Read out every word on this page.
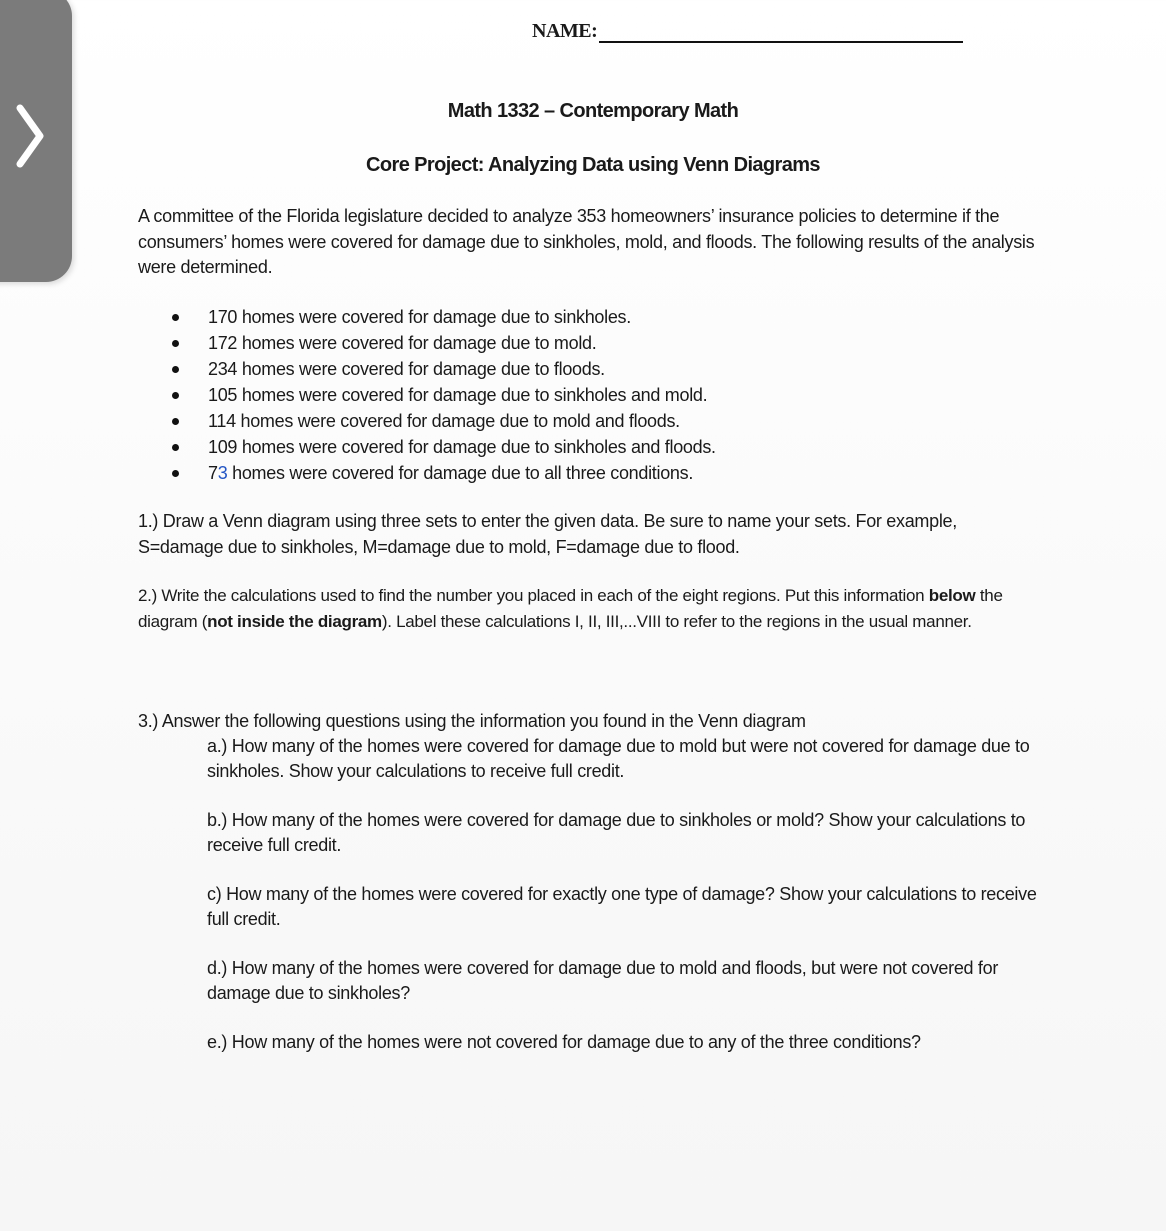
NAME:
Math 1332 – Contemporary Math
Core Project: Analyzing Data using Venn Diagrams
A committee of the Florida legislature decided to analyze 353 homeowners’ insurance policies to determine if the consumers’ homes were covered for damage due to sinkholes, mold, and floods. The following results of the analysis were determined.
170 homes were covered for damage due to sinkholes.
172 homes were covered for damage due to mold.
234 homes were covered for damage due to floods.
105 homes were covered for damage due to sinkholes and mold.
114 homes were covered for damage due to mold and floods.
109 homes were covered for damage due to sinkholes and floods.
73 homes were covered for damage due to all three conditions.
1.) Draw a Venn diagram using three sets to enter the given data. Be sure to name your sets. For example, S=damage due to sinkholes, M=damage due to mold, F=damage due to flood.
2.) Write the calculations used to find the number you placed in each of the eight regions. Put this information below the diagram (not inside the diagram). Label these calculations I, II, III,...VIII to refer to the regions in the usual manner.
3.) Answer the following questions using the information you found in the Venn diagram
a.) How many of the homes were covered for damage due to mold but were not covered for damage due to sinkholes. Show your calculations to receive full credit.
b.) How many of the homes were covered for damage due to sinkholes or mold? Show your calculations to receive full credit.
c) How many of the homes were covered for exactly one type of damage? Show your calculations to receive full credit.
d.) How many of the homes were covered for damage due to mold and floods, but were not covered for damage due to sinkholes?
e.) How many of the homes were not covered for damage due to any of the three conditions?
